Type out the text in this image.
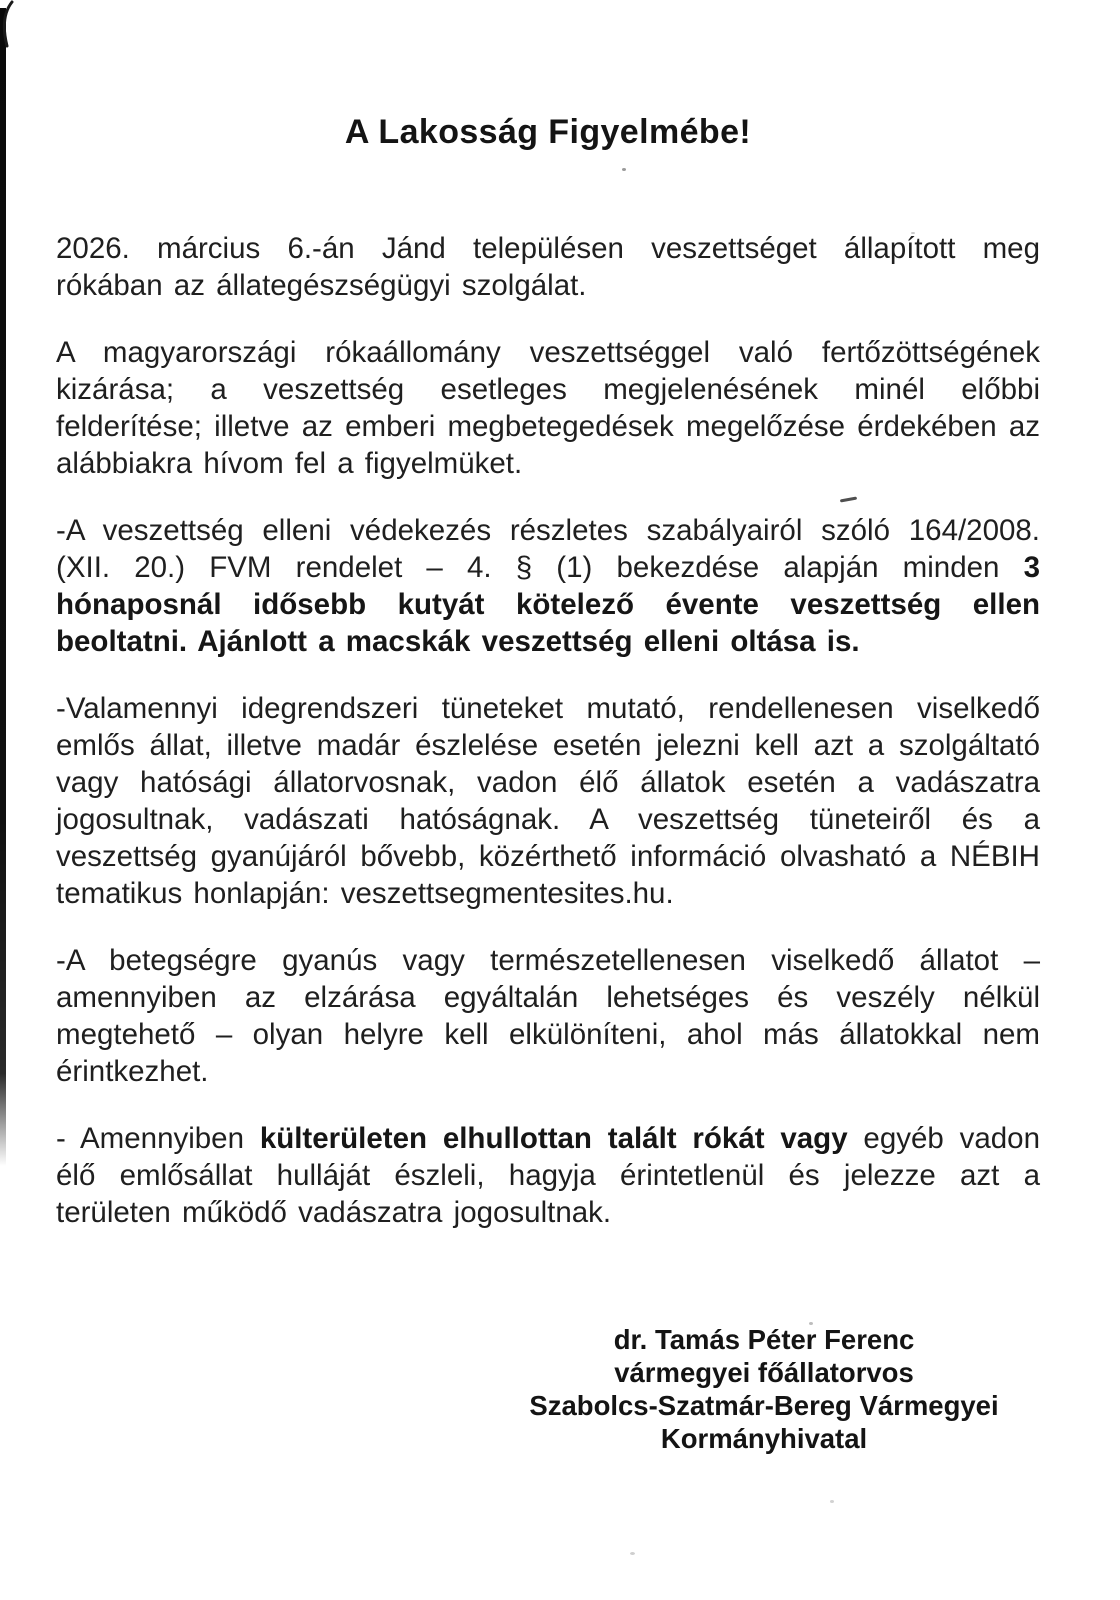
A Lakosság Figyelmébe!

2026. március 6.-án Jánd településen veszettséget állapított meg rókában az állategészségügyi szolgálat.

A magyarországi rókaállomány veszettséggel való fertőzöttségének kizárása; a veszettség esetleges megjelenésének minél előbbi felderítése; illetve az emberi megbetegedések megelőzése érdekében az alábbiakra hívom fel a figyelmüket.

-A veszettség elleni védekezés részletes szabályairól szóló 164/2008. (XII. 20.) FVM rendelet – 4. § (1) bekezdése alapján minden 3 hónaposnál idősebb kutyát kötelező évente veszettség ellen beoltatni. Ajánlott a macskák veszettség elleni oltása is.

-Valamennyi idegrendszeri tüneteket mutató, rendellenesen viselkedő emlős állat, illetve madár észlelése esetén jelezni kell azt a szolgáltató vagy hatósági állatorvosnak, vadon élő állatok esetén a vadászatra jogosultnak, vadászati hatóságnak. A veszettség tüneteiről és a veszettség gyanújáról bővebb, közérthető információ olvasható a NÉBIH tematikus honlapján: veszettsegmentesites.hu.

-A betegségre gyanús vagy természetellenesen viselkedő állatot – amennyiben az elzárása egyáltalán lehetséges és veszély nélkül megtehető – olyan helyre kell elkülöníteni, ahol más állatokkal nem érintkezhet.

- Amennyiben külterületen elhullottan talált rókát vagy egyéb vadon élő emlősállat hulláját észleli, hagyja érintetlenül és jelezze azt a területen működő vadászatra jogosultnak.

dr. Tamás Péter Ferenc
vármegyei főállatorvos
Szabolcs-Szatmár-Bereg Vármegyei
Kormányhivatal
